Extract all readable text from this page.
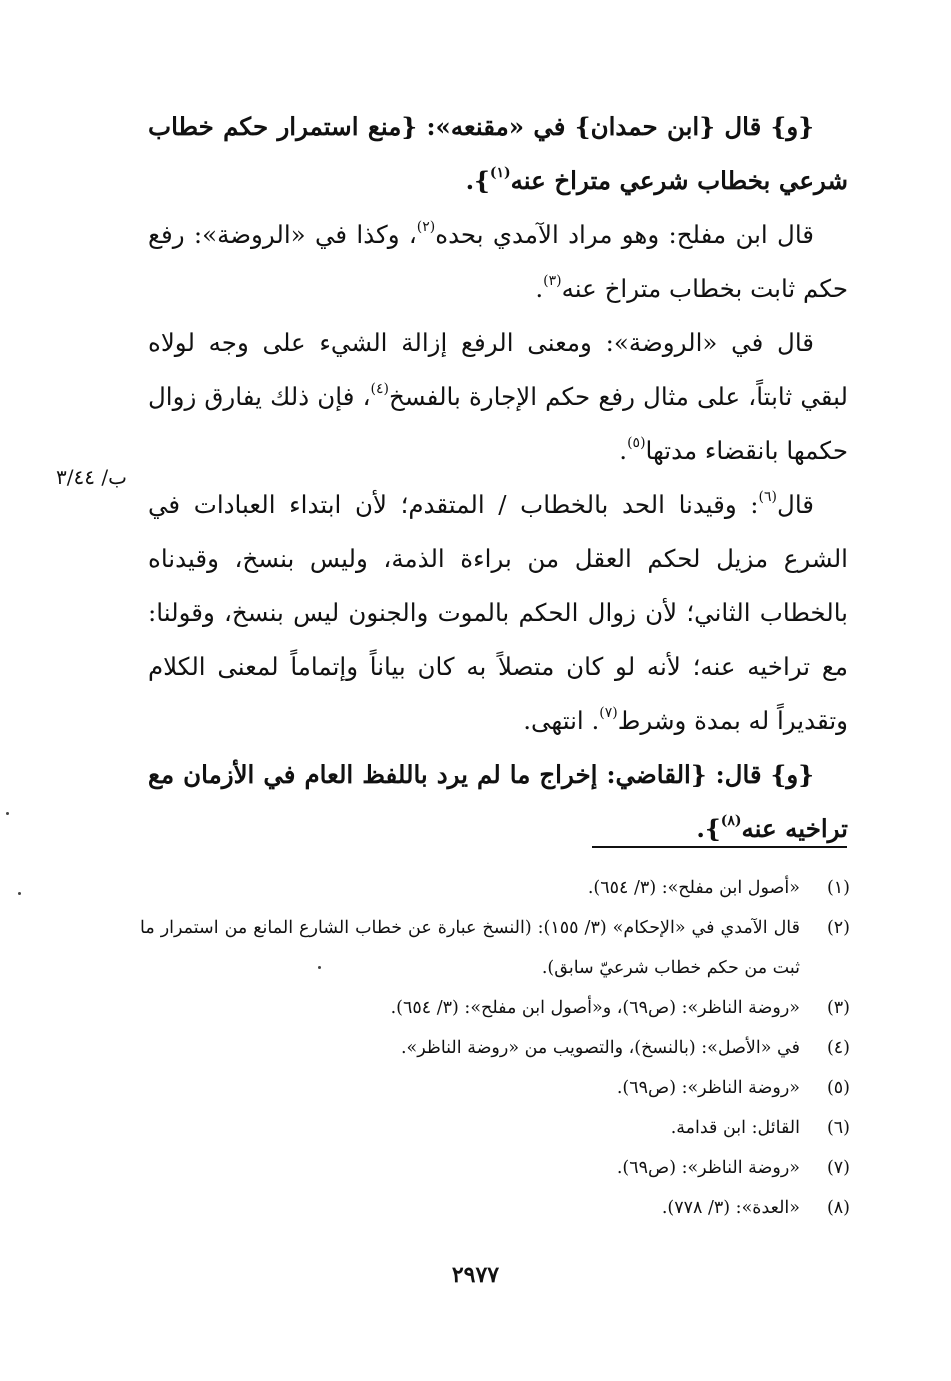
ب/ ٣/٤٤

{و} قال {ابن حمدان} في «مقنعه»: {منع استمرار حكم خطاب شرعي بخطاب شرعي متراخ عنه$^{(١)}$}.

قال ابن مفلح: وهو مراد الآمدي بحده$^{(٢)}$، وكذا في «الروضة»: رفع حكم ثابت بخطاب متراخ عنه$^{(٣)}$.

قال في «الروضة»: ومعنى الرفع إزالة الشيء على وجه لولاه لبقي ثابتاً، على مثال رفع حكم الإجارة بالفسخ$^{(٤)}$، فإن ذلك يفارق زوال حكمها بانقضاء مدتها$^{(٥)}$.

قال$^{(٦)}$: وقيدنا الحد بالخطاب / المتقدم؛ لأن ابتداء العبادات في الشرع مزيل لحكم العقل من براءة الذمة، وليس بنسخ، وقيدناه بالخطاب الثاني؛ لأن زوال الحكم بالموت والجنون ليس بنسخ، وقولنا: مع تراخيه عنه؛ لأنه لو كان متصلاً به كان بياناً وإتماماً لمعنى الكلام وتقديراً له بمدة وشرط$^{(٧)}$. انتهى.

{و} قال: {القاضي: إخراج ما لم يرد باللفظ العام في الأزمان مع تراخيه عنه$^{(٨)}$}.

(١)
«أصول ابن مفلح»: (٣/ ٦٥٤).
(٢)
قال الآمدي في «الإحكام» (٣/ ١٥٥): (النسخ عبارة عن خطاب الشارع المانع من استمرار ما ثبت من حكم خطاب شرعيّ سابق).
(٣)
«روضة الناظر»: (ص٦٩)، و«أصول ابن مفلح»: (٣/ ٦٥٤).
(٤)
في «الأصل»: (بالنسخ)، والتصويب من «روضة الناظر».
(٥)
«روضة الناظر»: (ص٦٩).
(٦)
القائل: ابن قدامة.
(٧)
«روضة الناظر»: (ص٦٩).
(٨)
«العدة»: (٣/ ٧٧٨).
٢٩٧٧
